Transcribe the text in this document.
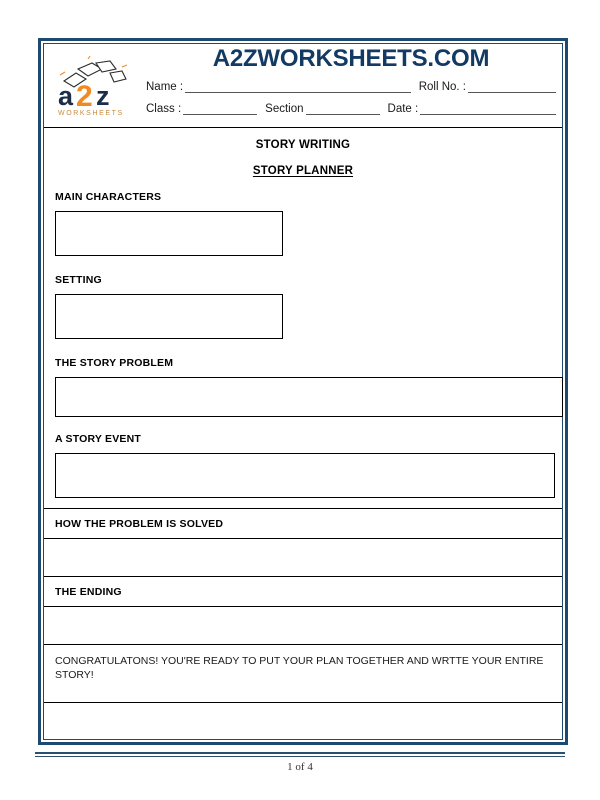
a 2 z
WORKSHEETS
A2ZWORKSHEETS.COM
Name :	Roll No. :
Class :	Section	Date :
STORY WRITING
STORY PLANNER
MAIN CHARACTERS
SETTING
THE STORY PROBLEM
A STORY EVENT
HOW THE PROBLEM IS SOLVED
THE ENDING
CONGRATULATONS! YOU'RE READY TO PUT YOUR PLAN TOGETHER AND WRTTE YOUR ENTIRE STORY!
1 of 4
